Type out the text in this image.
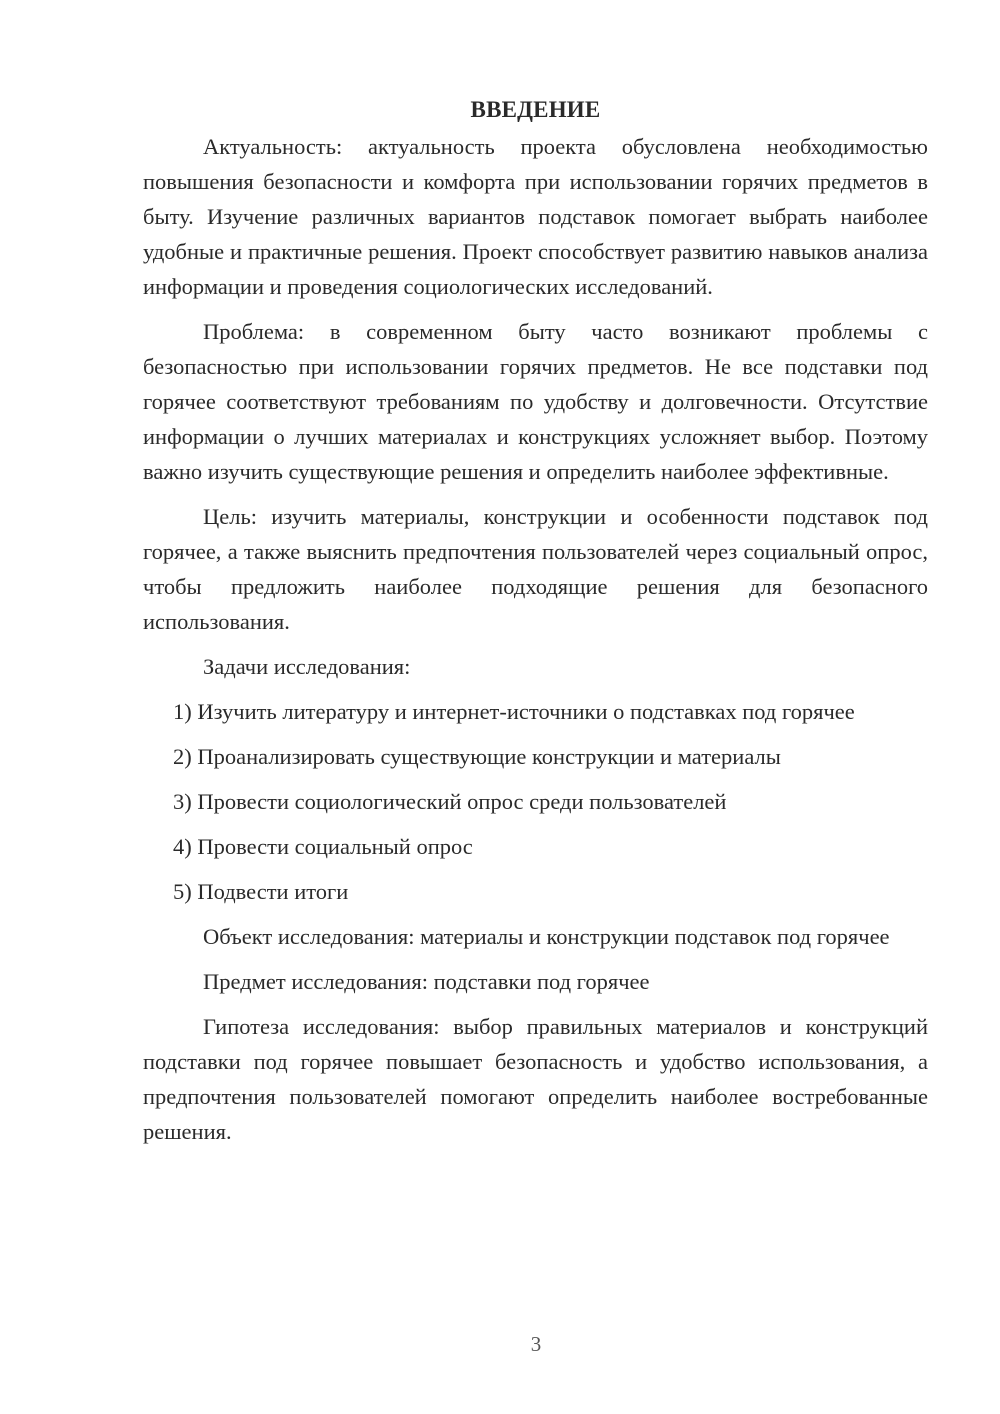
ВВЕДЕНИЕ

Актуальность: актуальность проекта обусловлена необходимостью повышения безопасности и комфорта при использовании горячих предметов в быту. Изучение различных вариантов подставок помогает выбрать наиболее удобные и практичные решения. Проект способствует развитию навыков анализа информации и проведения социологических исследований.

Проблема: в современном быту часто возникают проблемы с безопасностью при использовании горячих предметов. Не все подставки под горячее соответствуют требованиям по удобству и долговечности. Отсутствие информации о лучших материалах и конструкциях усложняет выбор. Поэтому важно изучить существующие решения и определить наиболее эффективные.

Цель: изучить материалы, конструкции и особенности подставок под горячее, а также выяснить предпочтения пользователей через социальный опрос, чтобы предложить наиболее подходящие решения для безопасного использования.

Задачи исследования:

1) Изучить литературу и интернет-источники о подставках под горячее

2) Проанализировать существующие конструкции и материалы

3) Провести социологический опрос среди пользователей

4) Провести социальный опрос

5) Подвести итоги

Объект исследования: материалы и конструкции подставок под горячее

Предмет исследования: подставки под горячее

Гипотеза исследования: выбор правильных материалов и конструкций подставки под горячее повышает безопасность и удобство использования, а предпочтения пользователей помогают определить наиболее востребованные решения.

3
